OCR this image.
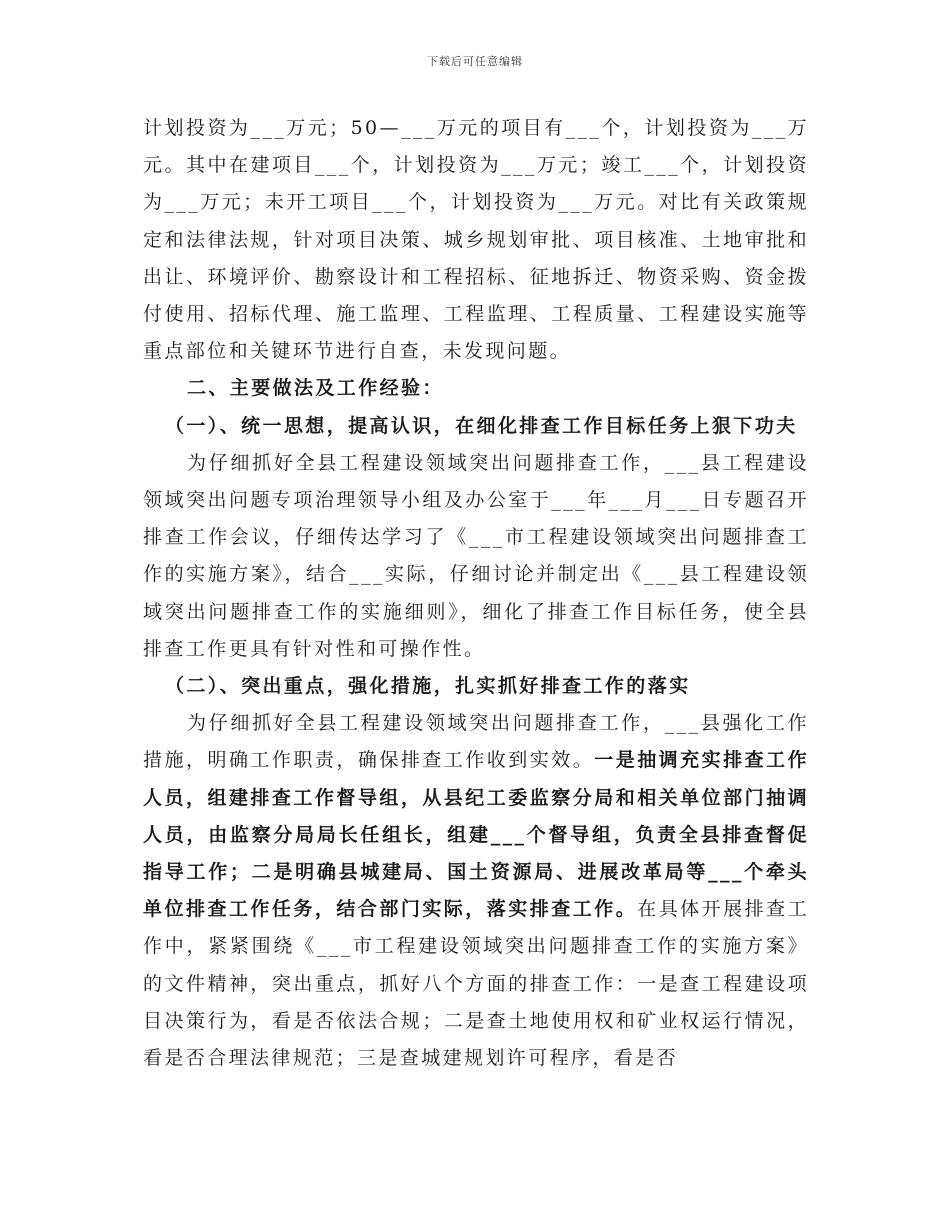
下载后可任意编辑

计划投资为___万元；50—___万元的项目有___个，计划投资为___万元。其中在建项目___个，计划投资为___万元；竣工___个，计划投资为___万元；未开工项目___个，计划投资为___万元。对比有关政策规定和法律法规，针对项目决策、城乡规划审批、项目核准、土地审批和出让、环境评价、勘察设计和工程招标、征地拆迁、物资采购、资金拨付使用、招标代理、施工监理、工程监理、工程质量、工程建设实施等重点部位和关键环节进行自查，未发现问题。

二、主要做法及工作经验：

（一）、统一思想，提高认识，在细化排查工作目标任务上狠下功夫

为仔细抓好全县工程建设领域突出问题排查工作，___县工程建设领域突出问题专项治理领导小组及办公室于___年___月___日专题召开排查工作会议，仔细传达学习了《___市工程建设领域突出问题排查工作的实施方案》，结合___实际，仔细讨论并制定出《___县工程建设领域突出问题排查工作的实施细则》，细化了排查工作目标任务，使全县排查工作更具有针对性和可操作性。

（二）、突出重点，强化措施，扎实抓好排查工作的落实

为仔细抓好全县工程建设领域突出问题排查工作，___县强化工作措施，明确工作职责，确保排查工作收到实效。一是抽调充实排查工作人员，组建排查工作督导组，从县纪工委监察分局和相关单位部门抽调人员，由监察分局局长任组长，组建___个督导组，负责全县排查督促指导工作；二是明确县城建局、国土资源局、进展改革局等___个牵头单位排查工作任务，结合部门实际，落实排查工作。在具体开展排查工作中，紧紧围绕《___市工程建设领域突出问题排查工作的实施方案》的文件精神，突出重点，抓好八个方面的排查工作：一是查工程建设项目决策行为，看是否依法合规；二是查土地使用权和矿业权运行情况，看是否合理法律规范；三是查城建规划许可程序，看是否
